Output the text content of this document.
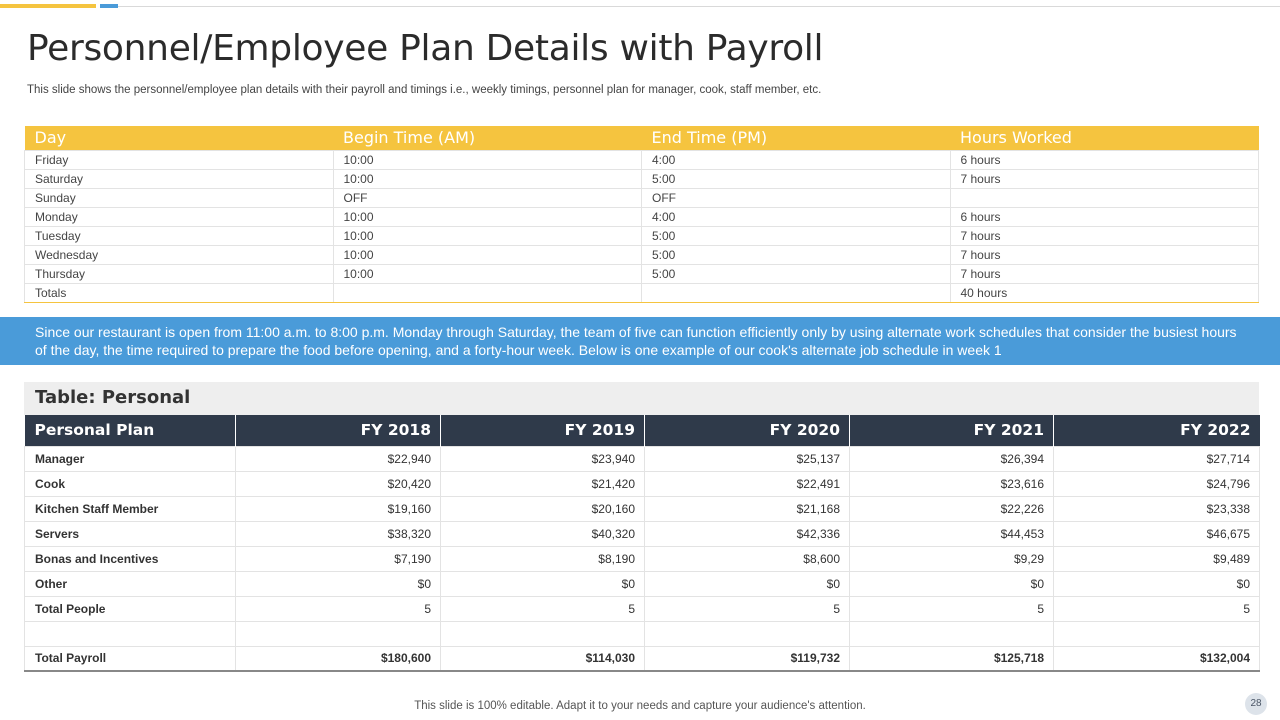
Personnel/Employee Plan Details with Payroll

This slide shows the personnel/employee plan details with their payroll and timings i.e., weekly timings, personnel plan for manager, cook, staff member, etc.

Day	Begin Time (AM)	End Time (PM)	Hours Worked
Friday	10:00	4:00	6 hours
Saturday	10:00	5:00	7 hours
Sunday	OFF	OFF	
Monday	10:00	4:00	6 hours
Tuesday	10:00	5:00	7 hours
Wednesday	10:00	5:00	7 hours
Thursday	10:00	5:00	7 hours
Totals			40 hours
Since our restaurant is open from 11:00 a.m. to 8:00 p.m. Monday through Saturday, the team of five can function efficiently only by using alternate work schedules that consider the busiest hours of the day, the time required to prepare the food before opening, and a forty-hour week. Below is one example of our cook's alternate job schedule in week 1
Table: Personal
Personal Plan	FY 2018	FY 2019	FY 2020	FY 2021	FY 2022
Manager	$22,940	$23,940	$25,137	$26,394	$27,714
Cook	$20,420	$21,420	$22,491	$23,616	$24,796
Kitchen Staff Member	$19,160	$20,160	$21,168	$22,226	$23,338
Servers	$38,320	$40,320	$42,336	$44,453	$46,675
Bonas and Incentives	$7,190	$8,190	$8,600	$9,29	$9,489
Other	$0	$0	$0	$0	$0
Total People	5	5	5	5	5

Total Payroll	$180,600	$114,030	$119,732	$125,718	$132,004
This slide is 100% editable. Adapt it to your needs and capture your audience's attention.	28
